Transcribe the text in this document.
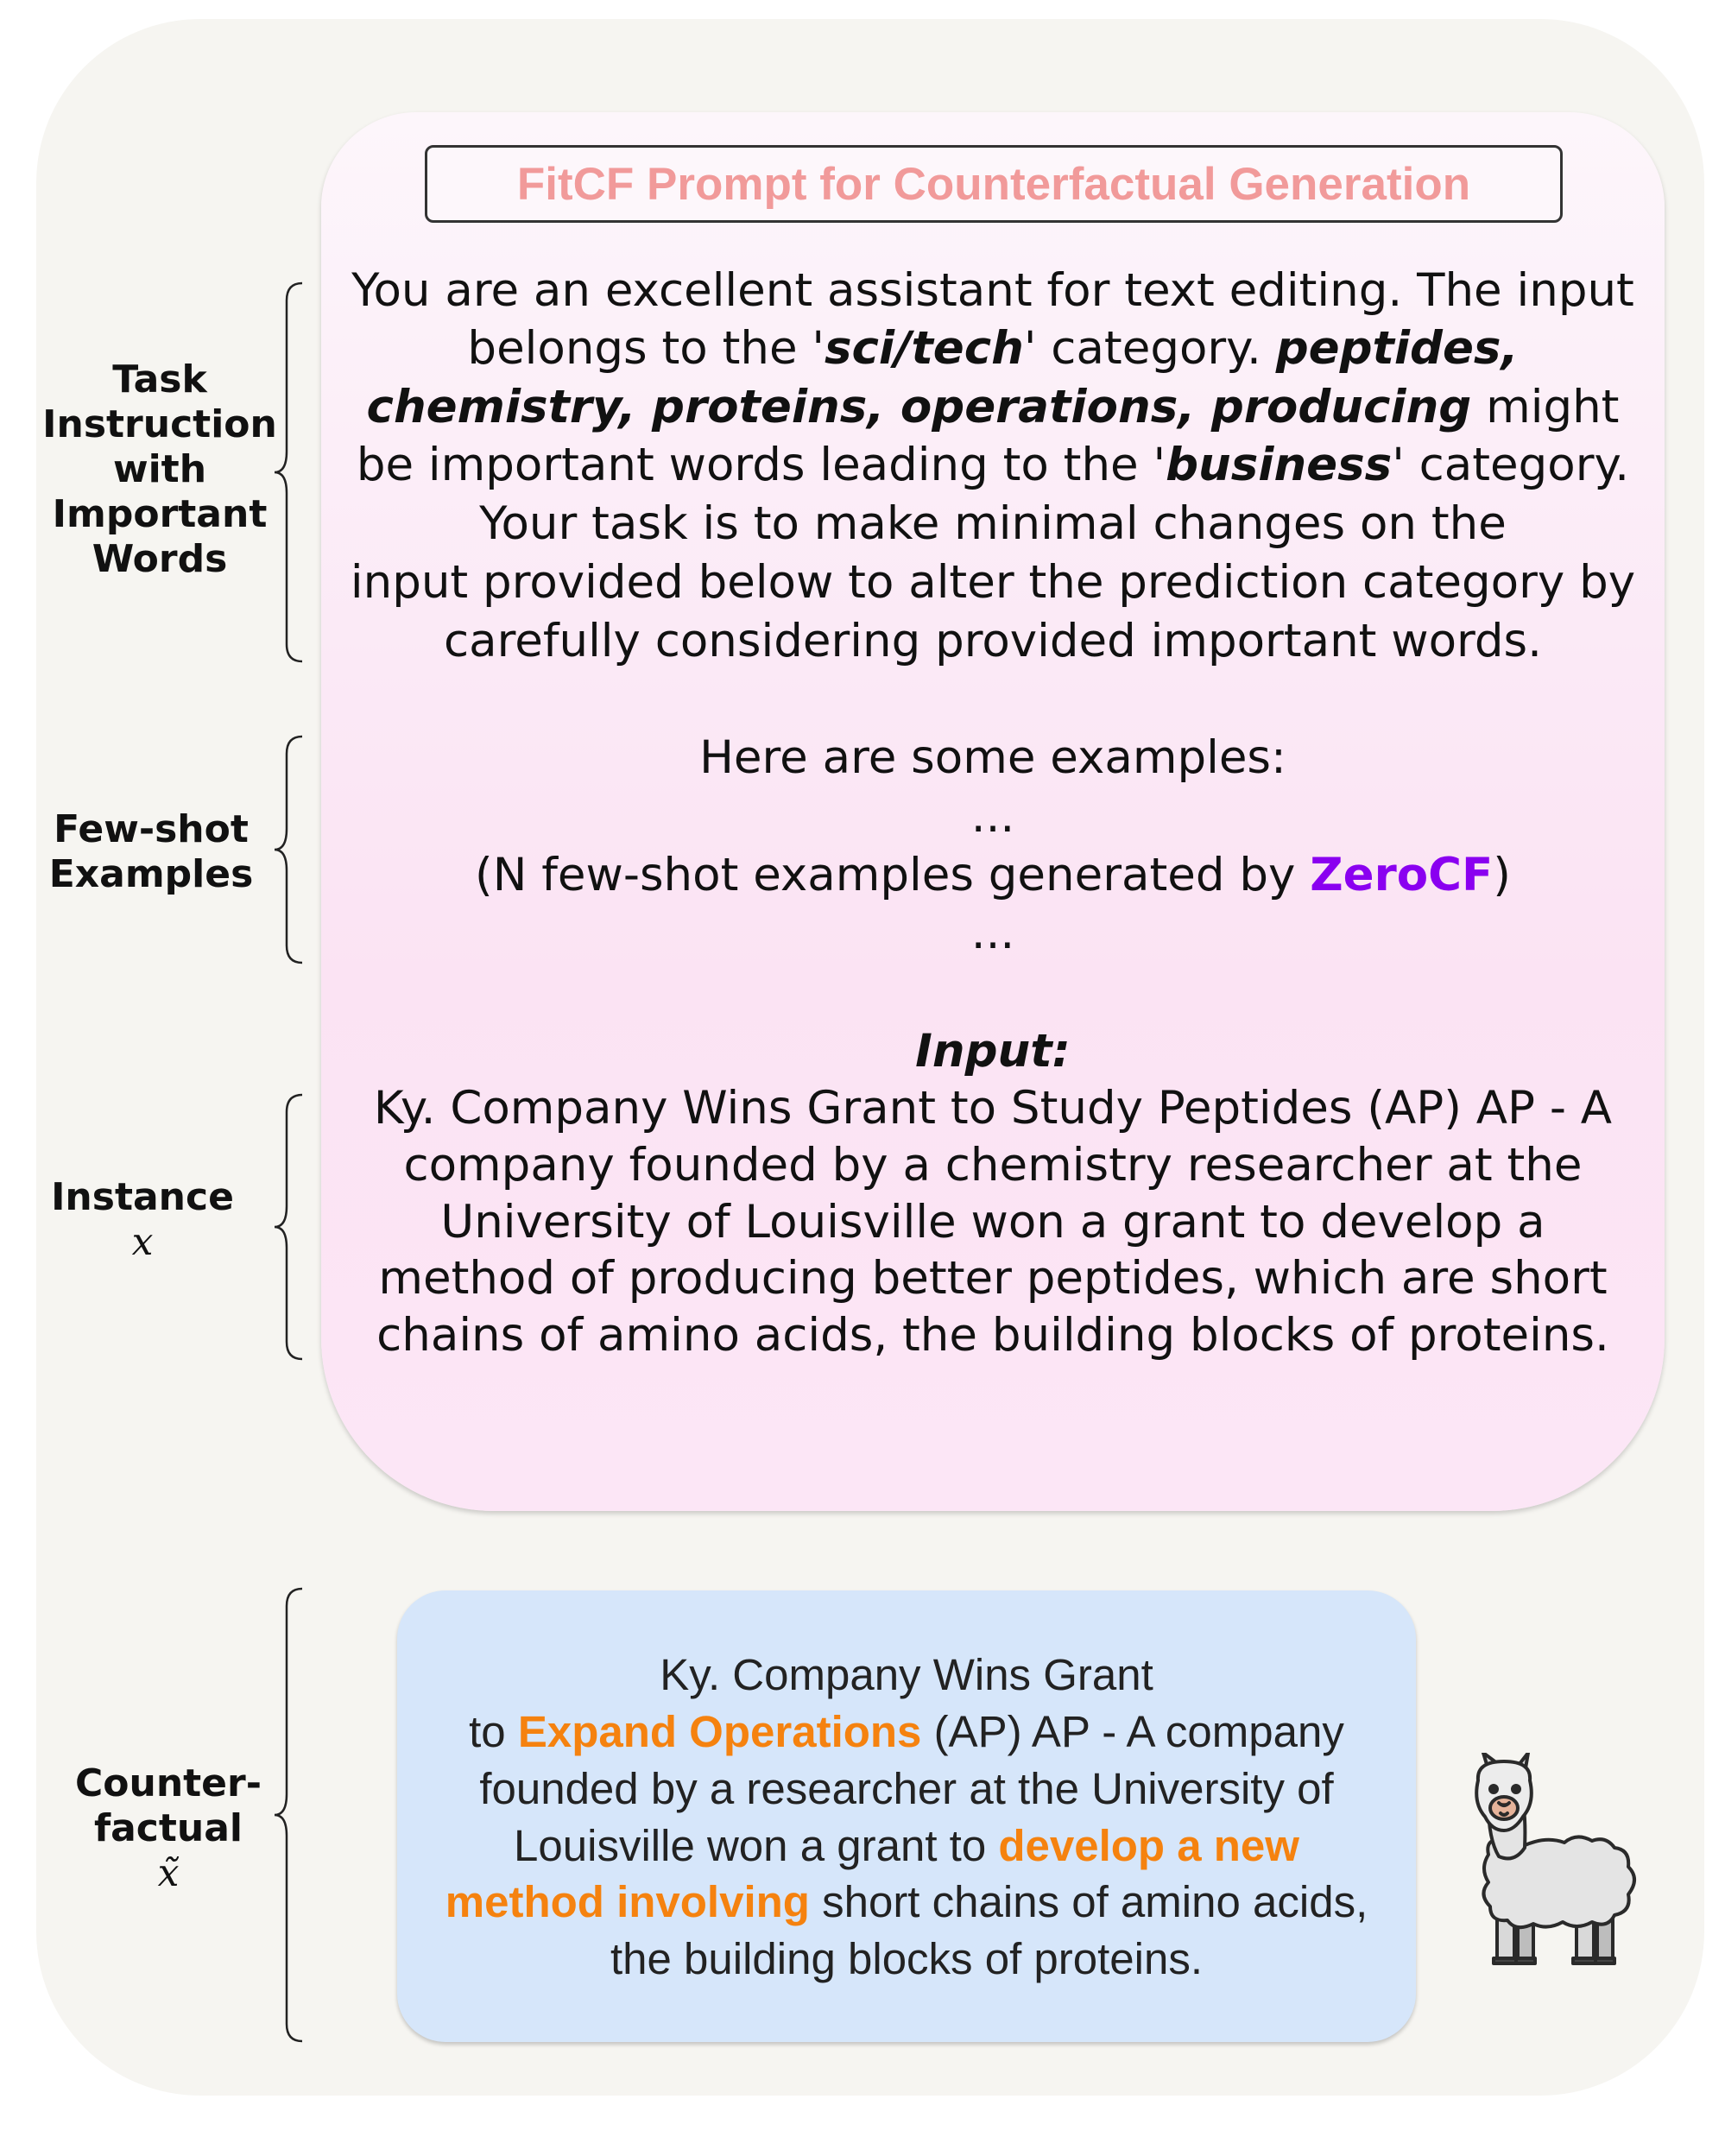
FitCF Prompt for Counterfactual Generation
You are an excellent assistant for text editing. The input
belongs to the 'sci/tech' category. peptides,
chemistry, proteins, operations, producing might
be important words leading to the 'business' category.
Your task is to make minimal changes on the
input provided below to alter the prediction category by
carefully considering provided important words.
Here are some examples:
...
(N few-shot examples generated by ZeroCF)
...
Input:
Ky. Company Wins Grant to Study Peptides (AP) AP - A
company founded by a chemistry researcher at the
University of Louisville won a grant to develop a
method of producing better peptides, which are short
chains of amino acids, the building blocks of proteins.
Task
Instruction
with
Important
Words
Few-shot
Examples
Instance
x
Counter-
factual
x̃
Ky. Company Wins Grant
to Expand Operations (AP) AP - A company
founded by a researcher at the University of
Louisville won a grant to develop a new
method involving short chains of amino acids,
the building blocks of proteins.
